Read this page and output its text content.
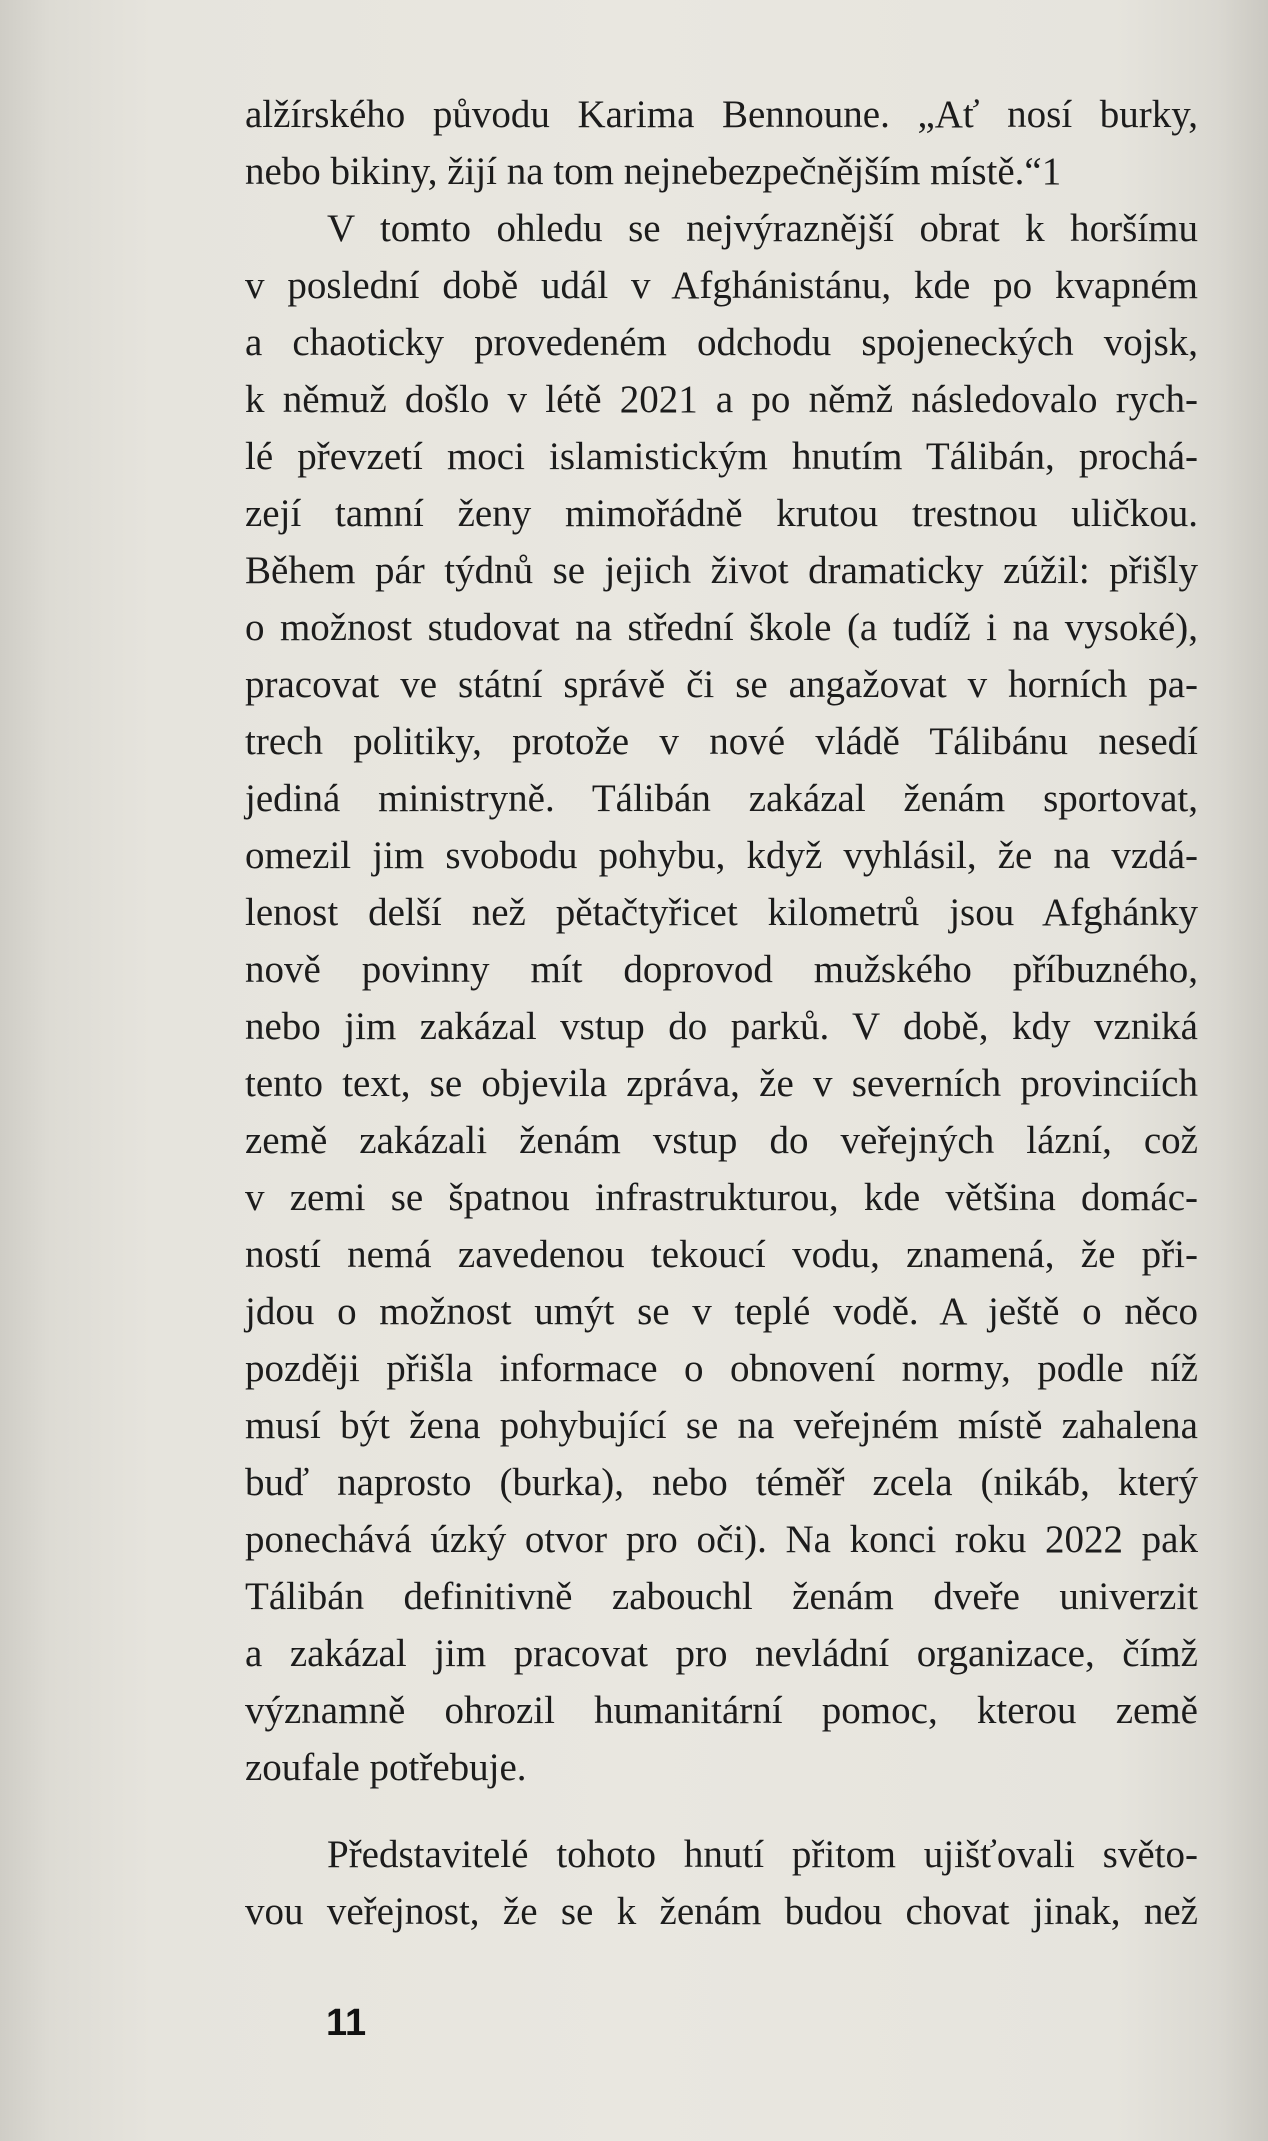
alžírského původu Karima Bennoune. „Ať nosí burky,
nebo bikiny, žijí na tom nejnebezpečnějším místě.“1
V tomto ohledu se nejvýraznější obrat k horšímu
v poslední době udál v Afghánistánu, kde po kvapném
a chaoticky provedeném odchodu spojeneckých vojsk,
k němuž došlo v létě 2021 a po němž následovalo rych-
lé převzetí moci islamistickým hnutím Tálibán, prochá-
zejí tamní ženy mimořádně krutou trestnou uličkou.
Během pár týdnů se jejich život dramaticky zúžil: přišly
o možnost studovat na střední škole (a tudíž i na vysoké),
pracovat ve státní správě či se angažovat v horních pa-
trech politiky, protože v nové vládě Tálibánu nesedí
jediná ministryně. Tálibán zakázal ženám sportovat,
omezil jim svobodu pohybu, když vyhlásil, že na vzdá-
lenost delší než pětačtyřicet kilometrů jsou Afghánky
nově povinny mít doprovod mužského příbuzného,
nebo jim zakázal vstup do parků. V době, kdy vzniká
tento text, se objevila zpráva, že v severních provinciích
země zakázali ženám vstup do veřejných lázní, což
v zemi se špatnou infrastrukturou, kde většina domác-
ností nemá zavedenou tekoucí vodu, znamená, že při-
jdou o možnost umýt se v teplé vodě. A ještě o něco
později přišla informace o obnovení normy, podle níž
musí být žena pohybující se na veřejném místě zahalena
buď naprosto (burka), nebo téměř zcela (nikáb, který
ponechává úzký otvor pro oči). Na konci roku 2022 pak
Tálibán definitivně zabouchl ženám dveře univerzit
a zakázal jim pracovat pro nevládní organizace, čímž
významně ohrozil humanitární pomoc, kterou země
zoufale potřebuje.
Představitelé tohoto hnutí přitom ujišťovali světo-
vou veřejnost, že se k ženám budou chovat jinak, než
11
